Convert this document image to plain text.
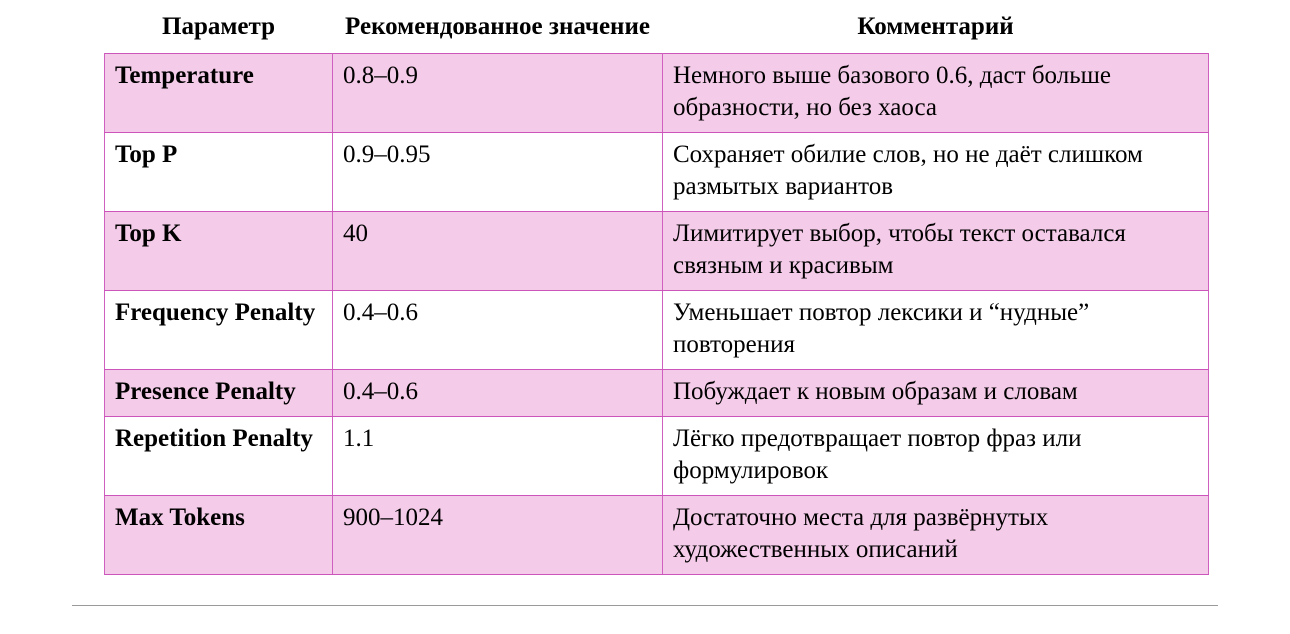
Параметр	Рекомендованное значение	Комментарий
Temperature	0.8–0.9	Немного выше базового 0.6, даст больше образности, но без хаоса
Top P	0.9–0.95	Сохраняет обилие слов, но не даёт слишком размытых вариантов
Top K	40	Лимитирует выбор, чтобы текст оставался связным и красивым
Frequency Penalty	0.4–0.6	Уменьшает повтор лексики и “нудные” повторения
Presence Penalty	0.4–0.6	Побуждает к новым образам и словам
Repetition Penalty	1.1	Лёгко предотвращает повтор фраз или формулировок
Max Tokens	900–1024	Достаточно места для развёрнутых художественных описаний
